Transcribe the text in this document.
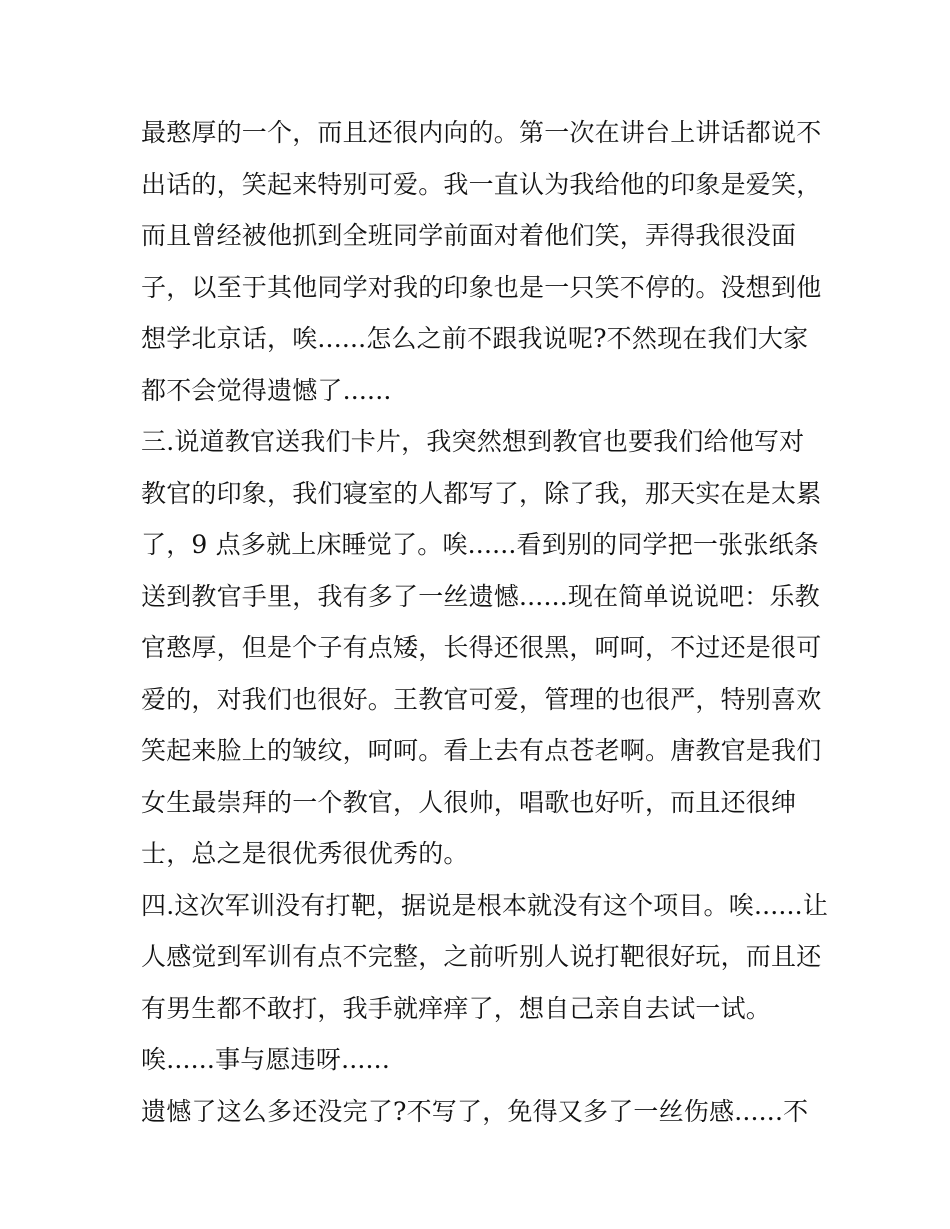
最憨厚的一个，而且还很内向的。第一次在讲台上讲话都说不
出话的，笑起来特别可爱。我一直认为我给他的印象是爱笑，
而且曾经被他抓到全班同学前面对着他们笑，弄得我很没面
子，以至于其他同学对我的印象也是一只笑不停的。没想到他
想学北京话，唉......怎么之前不跟我说呢?不然现在我们大家
都不会觉得遗憾了......
三.说道教官送我们卡片，我突然想到教官也要我们给他写对
教官的印象，我们寝室的人都写了，除了我，那天实在是太累
了，9 点多就上床睡觉了。唉......看到别的同学把一张张纸条
送到教官手里，我有多了一丝遗憾......现在简单说说吧：乐教
官憨厚，但是个子有点矮，长得还很黑，呵呵，不过还是很可
爱的，对我们也很好。王教官可爱，管理的也很严，特别喜欢
笑起来脸上的皱纹，呵呵。看上去有点苍老啊。唐教官是我们
女生最崇拜的一个教官，人很帅，唱歌也好听，而且还很绅
士，总之是很优秀很优秀的。
四.这次军训没有打靶，据说是根本就没有这个项目。唉......让
人感觉到军训有点不完整，之前听别人说打靶很好玩，而且还
有男生都不敢打，我手就痒痒了，想自己亲自去试一试。
唉......事与愿违呀......
遗憾了这么多还没完了?不写了，免得又多了一丝伤感......不
